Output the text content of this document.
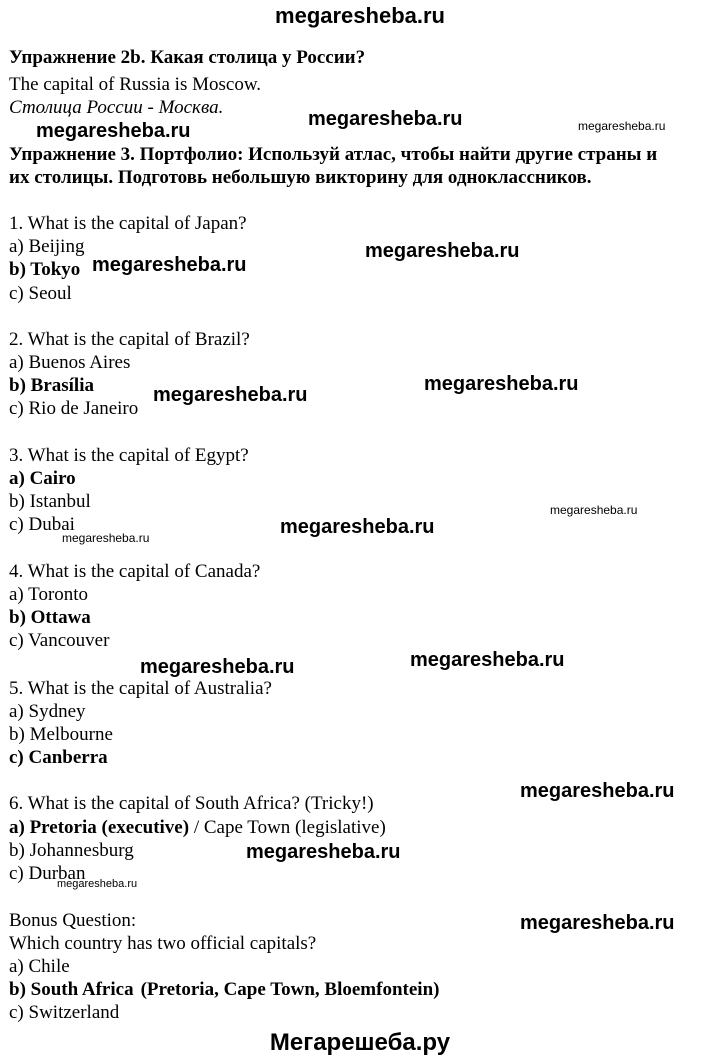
megaresheba.ru

Упражнение 2b. Какая столица у России?

The capital of Russia is Moscow.

Столица России - Москва.

Упражнение 3. Портфолио: Используй атлас, чтобы найти другие страны и

их столицы. Подготовь небольшую викторину для одноклассников.

1. What is the capital of Japan?

a) Beijing

b) Tokyo

c) Seoul

2. What is the capital of Brazil?

a) Buenos Aires

b) Brasília

c) Rio de Janeiro

3. What is the capital of Egypt?

a) Cairo

b) Istanbul

c) Dubai

4. What is the capital of Canada?

a) Toronto

b) Ottawa

c) Vancouver

5. What is the capital of Australia?

a) Sydney

b) Melbourne

c) Canberra

6. What is the capital of South Africa? (Tricky!)

a) Pretoria (executive) / Cape Town (legislative)

b) Johannesburg

c) Durban

Bonus Question:

Which country has two official capitals?

a) Chile

b) South Africa (Pretoria, Cape Town, Bloemfontein)

c) Switzerland

megaresheba.ru
megaresheba.ru	megaresheba.ru
megaresheba.ru
megaresheba.ru
megaresheba.ru
megaresheba.ru
megaresheba.ru
megaresheba.ru
megaresheba.ru
megaresheba.ru
megaresheba.ru
megaresheba.ru
megaresheba.ru
megaresheba.ru
megaresheba.ru
Мегарешеба.ру
